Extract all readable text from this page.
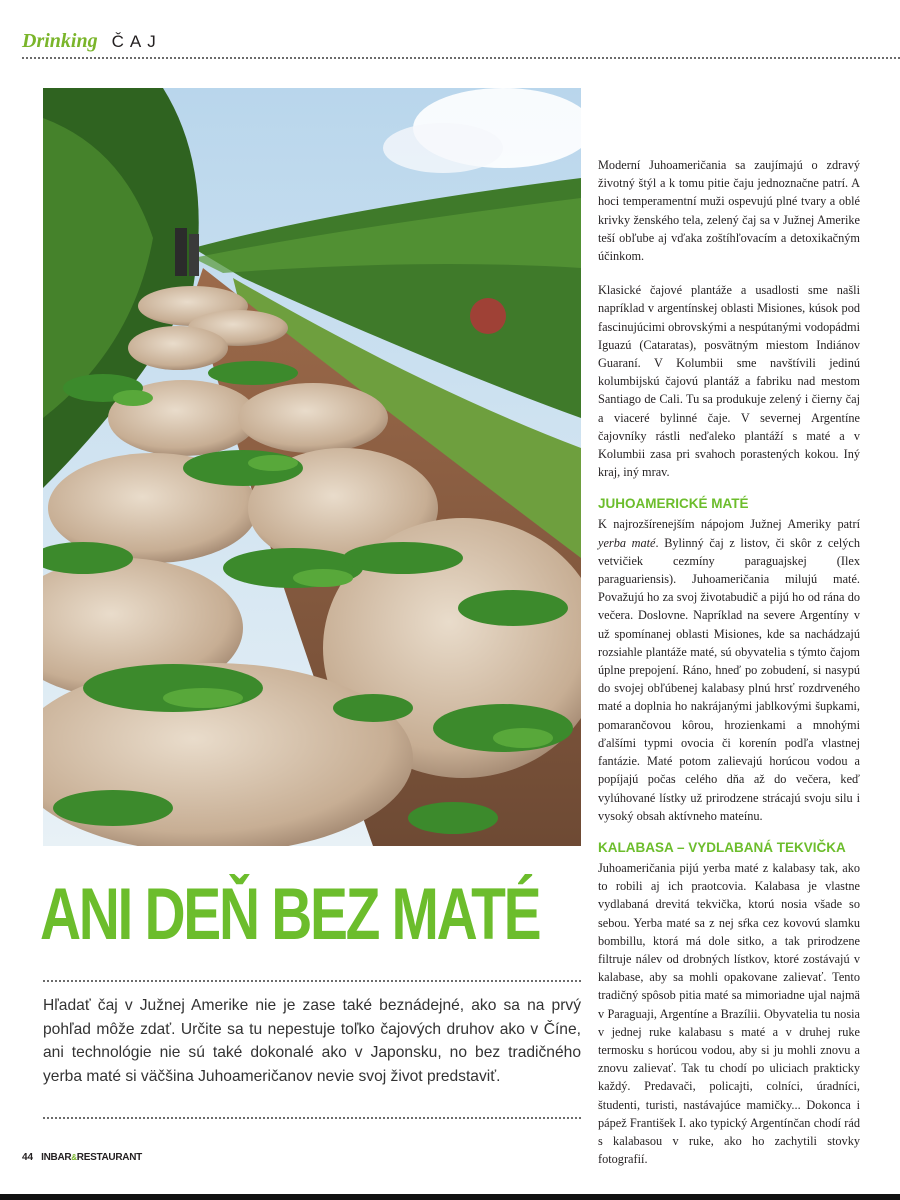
Drinking ČAJ
ANI DEŇ BEZ MATÉ

Hľadať čaj v Južnej Amerike nie je zase také beznádejné, ako sa na prvý pohľad môže zdať. Určite sa tu nepestuje toľko čajových druhov ako v Číne, ani technológie nie sú také dokonalé ako v Japonsku, no bez tradičného yerba maté si väčšina Juhoameričanov nevie svoj život predstaviť.

Moderní Juhoameričania sa zaujímajú o zdravý životný štýl a k tomu pitie čaju jednoznačne patrí. A hoci temperamentní muži ospevujú plné tvary a oblé krivky ženského tela, zelený čaj sa v Južnej Amerike teší obľube aj vďaka zoštíhľovacím a detoxikačným účinkom.

Klasické čajové plantáže a usadlosti sme našli napríklad v argentínskej oblasti Misiones, kúsok pod fascinujúcimi obrovskými a nespútanými vodopádmi Iguazú (Cataratas), posvätným miestom Indiánov Guaraní. V Kolumbii sme navštívili jedinú kolumbijskú čajovú plantáž a fabriku nad mestom Santiago de Cali. Tu sa produkuje zelený i čierny čaj a viaceré bylinné čaje. V severnej Argentíne čajovníky rástli neďaleko plantáží s maté a v Kolumbii zasa pri svahoch porastených kokou. Iný kraj, iný mrav.

JUHOAMERICKÉ MATÉ

K najrozšírenejším nápojom Južnej Ameriky patrí yerba maté. Bylinný čaj z listov, či skôr z celých vetvičiek cezmíny paraguajskej (Ilex paraguariensis). Juhoameričania milujú maté. Považujú ho za svoj životabudič a pijú ho od rána do večera. Doslovne. Napríklad na severe Argentíny v už spomínanej oblasti Misiones, kde sa nachádzajú rozsiahle plantáže maté, sú obyvatelia s týmto čajom úplne prepojení. Ráno, hneď po zobudení, si nasypú do svojej obľúbenej kalabasy plnú hrsť rozdrveného maté a doplnia ho nakrájanými jablkovými šupkami, pomarančovou kôrou, hrozienkami a mnohými ďalšími typmi ovocia či korenín podľa vlastnej fantázie. Maté potom zalievajú horúcou vodou a popíjajú počas celého dňa až do večera, keď vylúhované lístky už prirodzene strácajú svoju silu i vysoký obsah aktívneho mateínu.

KALABASA – VYDLABANÁ TEKVIČKA

Juhoameričania pijú yerba maté z kalabasy tak, ako to robili aj ich praotcovia. Kalabasa je vlastne vydlabaná drevitá tekvička, ktorú nosia všade so sebou. Yerba maté sa z nej sŕka cez kovovú slamku bombillu, ktorá má dole sitko, a tak prirodzene filtruje nálev od drobných lístkov, ktoré zostávajú v kalabase, aby sa mohli opakovane zalievať. Tento tradičný spôsob pitia maté sa mimoriadne ujal najmä v Paraguaji, Argentíne a Brazílii. Obyvatelia tu nosia v jednej ruke kalabasu s maté a v druhej ruke termosku s horúcou vodou, aby si ju mohli znovu a znovu zalievať. Tak tu chodí po uliciach prakticky každý. Predavači, policajti, colníci, úradníci, študenti, turisti, nastávajúce mamičky... Dokonca i pápež František I. ako typický Argentínčan chodí rád s kalabasou v ruke, ako ho zachytili stovky fotografií.

44 INBAR&RESTAURANT
